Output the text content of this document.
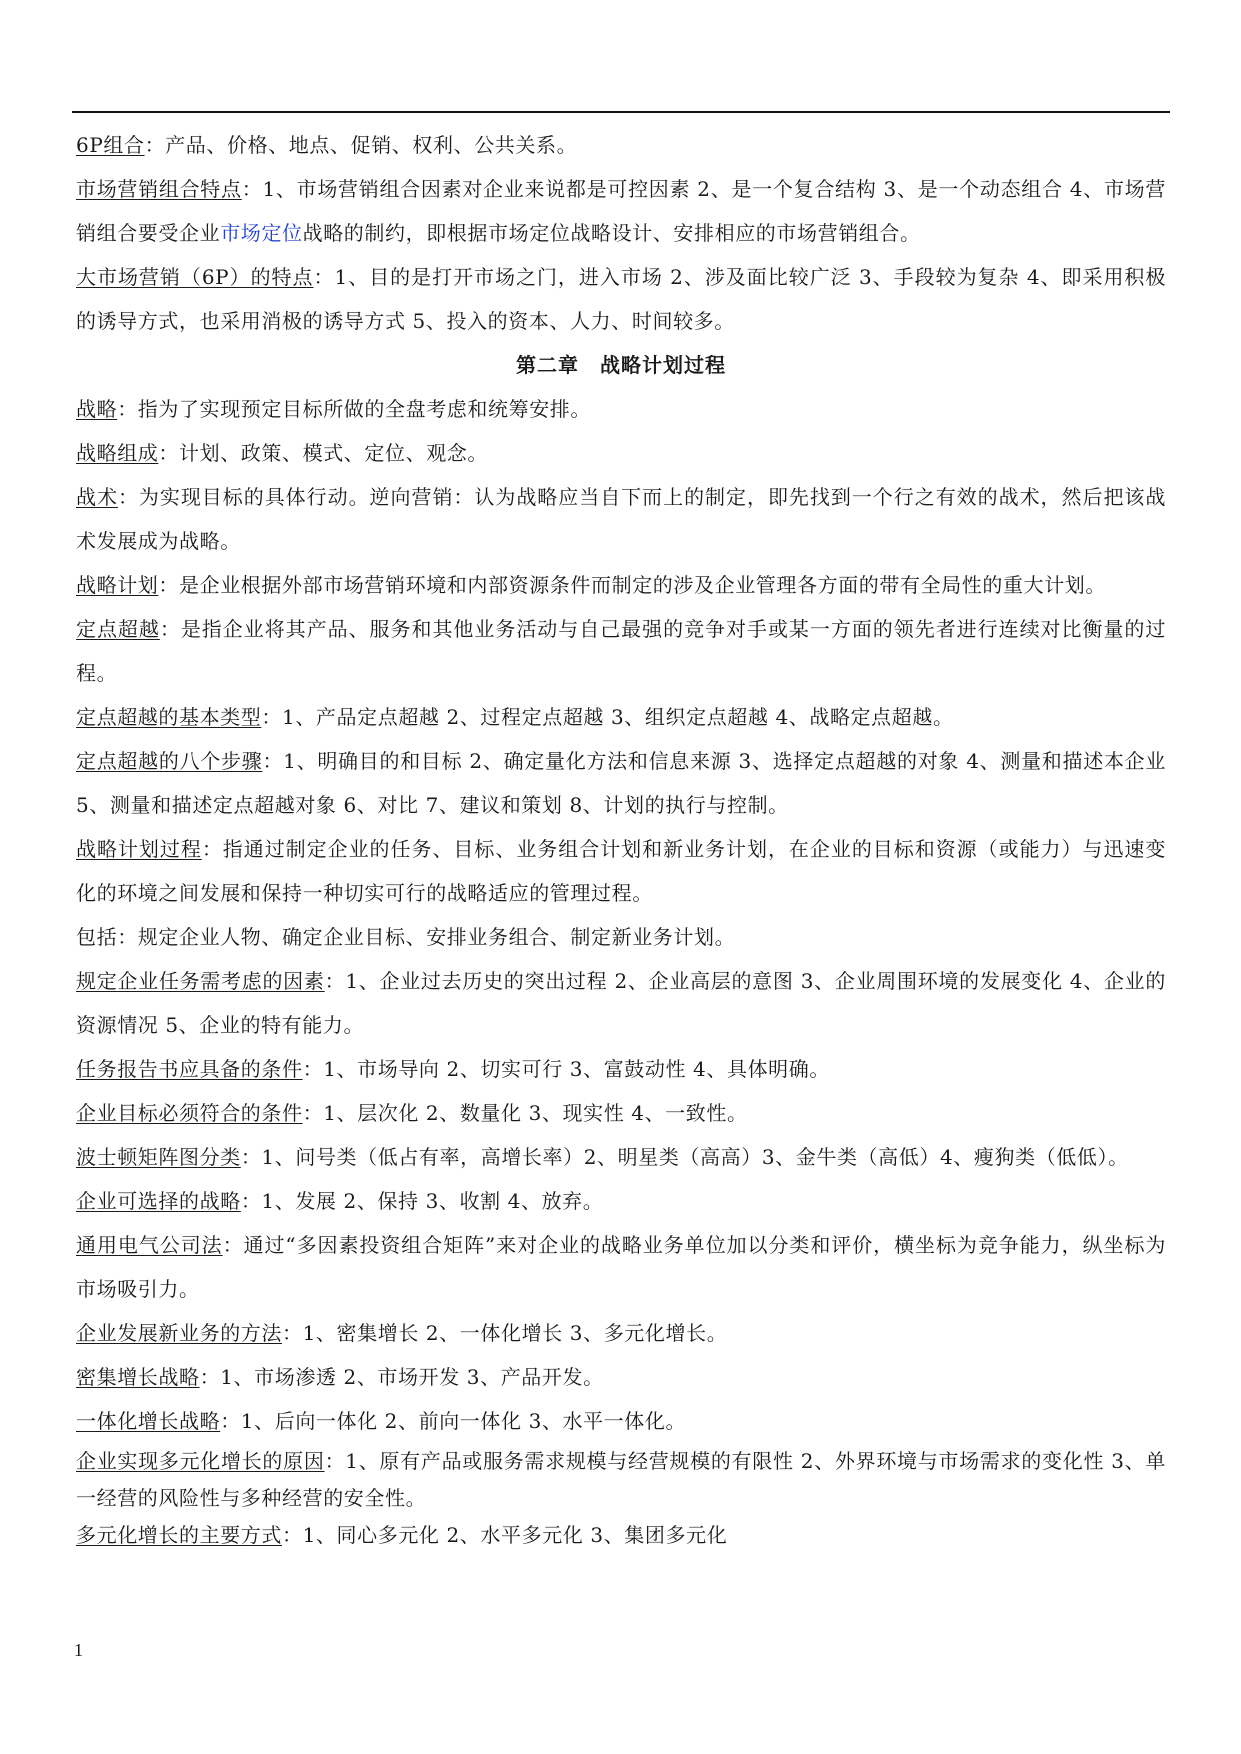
6P组合：产品、价格、地点、促销、权利、公共关系。

市场营销组合特点：1、市场营销组合因素对企业来说都是可控因素 2、是一个复合结构 3、是一个动态组合 4、市场营销组合要受企业市场定位战略的制约，即根据市场定位战略设计、安排相应的市场营销组合。

大市场营销（6P）的特点：1、目的是打开市场之门，进入市场 2、涉及面比较广泛 3、手段较为复杂 4、即采用积极的诱导方式，也采用消极的诱导方式 5、投入的资本、人力、时间较多。

第二章　战略计划过程

战略：指为了实现预定目标所做的全盘考虑和统筹安排。

战略组成：计划、政策、模式、定位、观念。

战术：为实现目标的具体行动。逆向营销：认为战略应当自下而上的制定，即先找到一个行之有效的战术，然后把该战术发展成为战略。

战略计划：是企业根据外部市场营销环境和内部资源条件而制定的涉及企业管理各方面的带有全局性的重大计划。

定点超越：是指企业将其产品、服务和其他业务活动与自己最强的竞争对手或某一方面的领先者进行连续对比衡量的过程。

定点超越的基本类型：1、产品定点超越 2、过程定点超越 3、组织定点超越 4、战略定点超越。

定点超越的八个步骤：1、明确目的和目标 2、确定量化方法和信息来源 3、选择定点超越的对象 4、测量和描述本企业 5、测量和描述定点超越对象 6、对比 7、建议和策划 8、计划的执行与控制。

战略计划过程：指通过制定企业的任务、目标、业务组合计划和新业务计划，在企业的目标和资源（或能力）与迅速变化的环境之间发展和保持一种切实可行的战略适应的管理过程。

包括：规定企业人物、确定企业目标、安排业务组合、制定新业务计划。

规定企业任务需考虑的因素：1、企业过去历史的突出过程 2、企业高层的意图 3、企业周围环境的发展变化 4、企业的资源情况 5、企业的特有能力。

任务报告书应具备的条件：1、市场导向 2、切实可行 3、富鼓动性 4、具体明确。

企业目标必须符合的条件：1、层次化 2、数量化 3、现实性 4、一致性。

波士顿矩阵图分类：1、问号类（低占有率，高增长率）2、明星类（高高）3、金牛类（高低）4、瘦狗类（低低）。

企业可选择的战略：1、发展 2、保持 3、收割 4、放弃。

通用电气公司法：通过“多因素投资组合矩阵”来对企业的战略业务单位加以分类和评价，横坐标为竞争能力，纵坐标为市场吸引力。

企业发展新业务的方法：1、密集增长 2、一体化增长 3、多元化增长。

密集增长战略：1、市场渗透 2、市场开发 3、产品开发。

一体化增长战略：1、后向一体化 2、前向一体化 3、水平一体化。

企业实现多元化增长的原因：1、原有产品或服务需求规模与经营规模的有限性 2、外界环境与市场需求的变化性 3、单一经营的风险性与多种经营的安全性。

多元化增长的主要方式：1、同心多元化 2、水平多元化 3、集团多元化

1
